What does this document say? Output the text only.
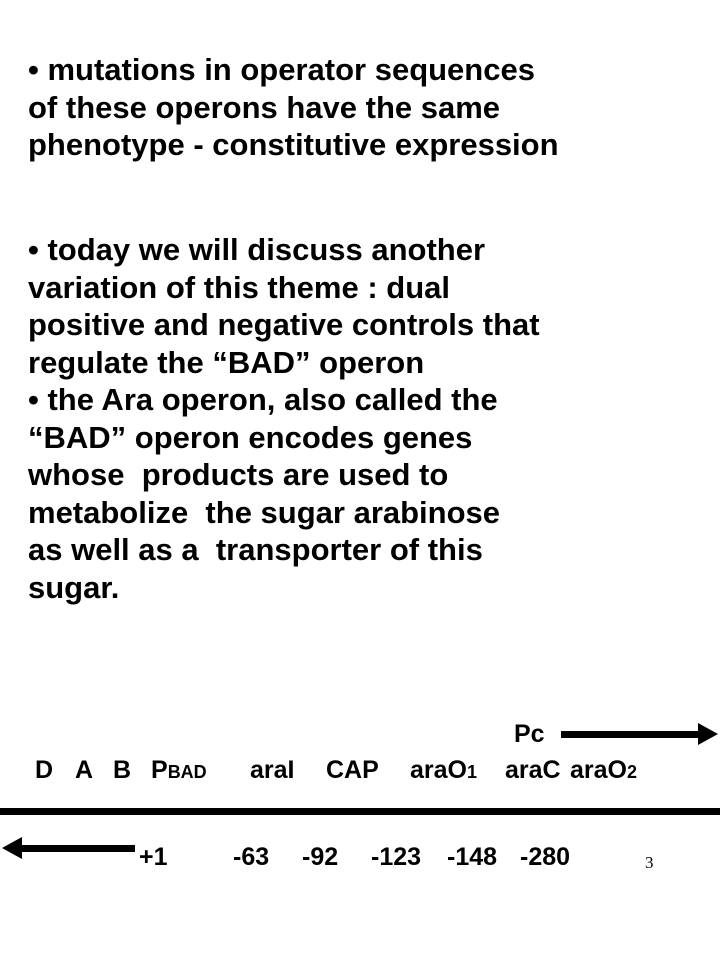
• mutations in operator sequences
of these operons have the same
phenotype - constitutive expression
• today we will discuss another
variation of this theme : dual
positive and negative controls that
regulate the “BAD” operon
• the Ara operon, also called the
“BAD” operon encodes genes
whose  products are used to
metabolize  the sugar arabinose
as well as a  transporter of this
sugar.
Pc
D A B PBAD araI CAP araO1 araC araO2
+1	-63 -92 -123 -148 -280	3
